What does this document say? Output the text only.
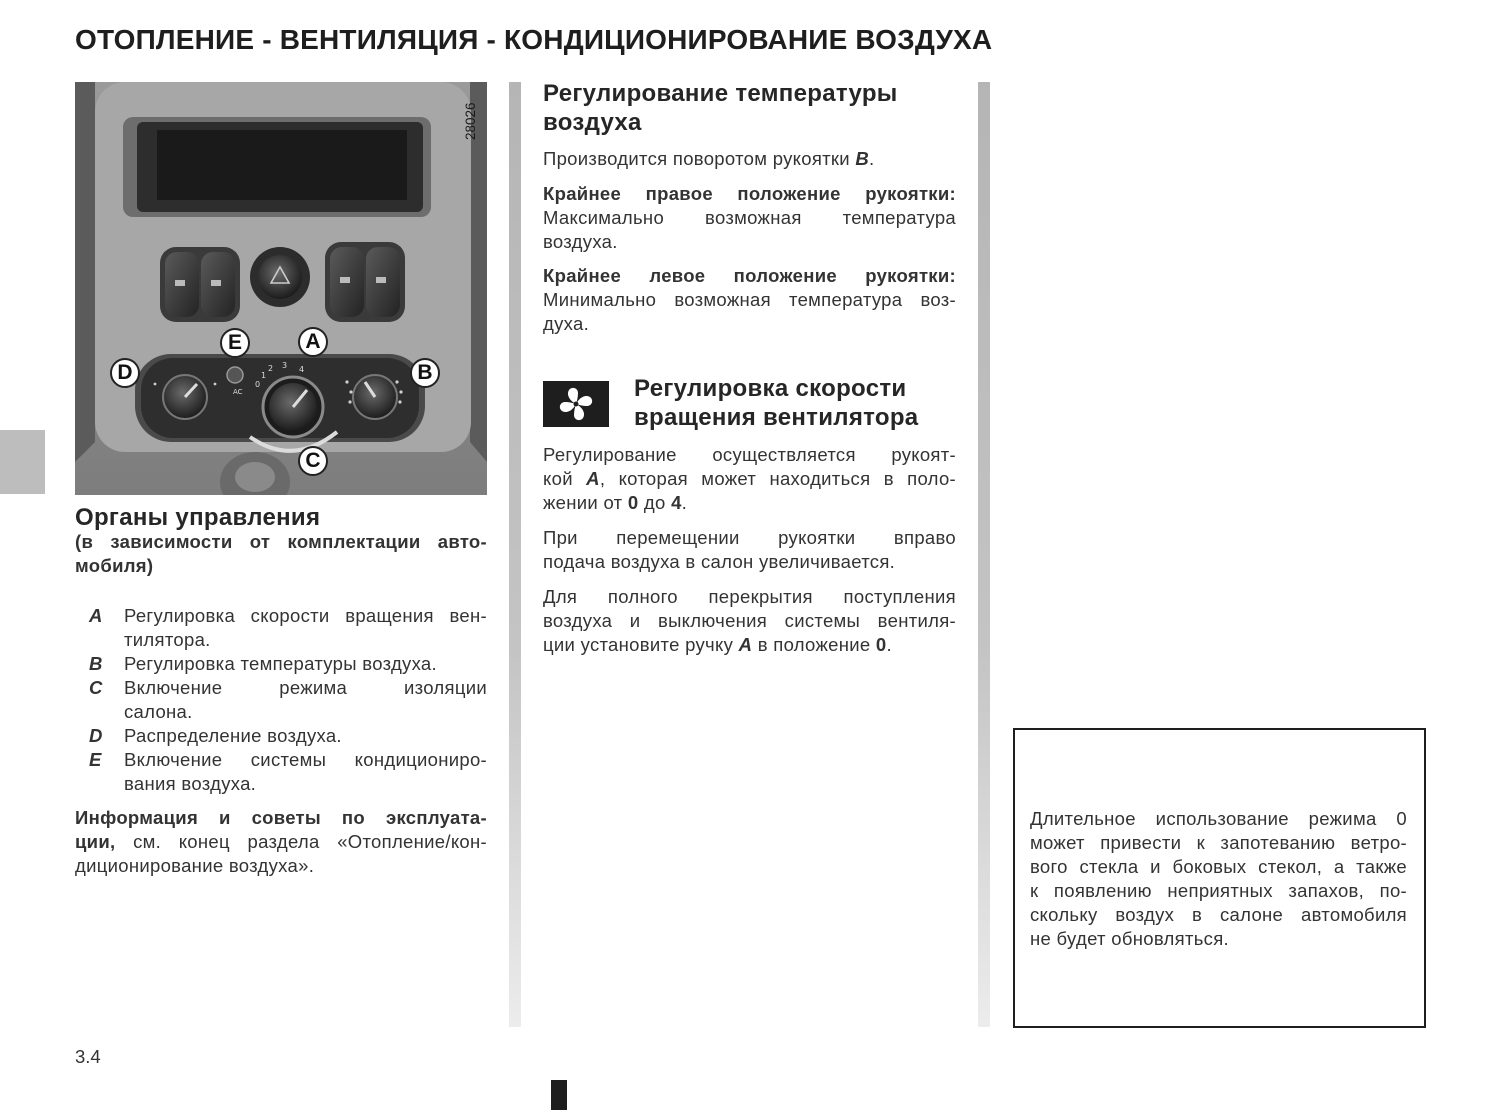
ОТОПЛЕНИЕ - ВЕНТИЛЯЦИЯ - КОНДИЦИОНИРОВАНИЕ ВОЗДУХА
0
1
2 3 4
AC
28026
E	A
D	B
C
Органы управления
(в зависимости от комплектации авто-
мобиля)
A Регулировка скорости вращения вен-
тилятора.
B Регулировка температуры воздуха.
C Включение режима изоляции
салона.
D Распределение воздуха.
E Включение системы кондициониро-
вания воздуха.
Информация и советы по эксплуата-
ции, см. конец раздела «Отопление/кон-
диционирование воздуха».
Регулирование температуры
воздуха

Производится поворотом рукоятки B.

Крайнее правое положение рукоятки:
Максимально возможная температура
воздуха.
Крайнее левое положение рукоятки:
Минимально возможная температура воз-
духа.
Регулировка скорости
вращения вентилятора
Регулирование осуществляется рукоят-
кой A, которая может находиться в поло-
жении от 0 до 4.
При перемещении рукоятки вправо
подача воздуха в салон увеличивается.
Для полного перекрытия поступления
воздуха и выключения системы вентиля-
ции установите ручку A в положение 0.
Длительное использование режима 0
может привести к запотеванию ветро-
вого стекла и боковых стекол, а также
к появлению неприятных запахов, по-
скольку воздух в салоне автомобиля
не будет обновляться.
3.4
